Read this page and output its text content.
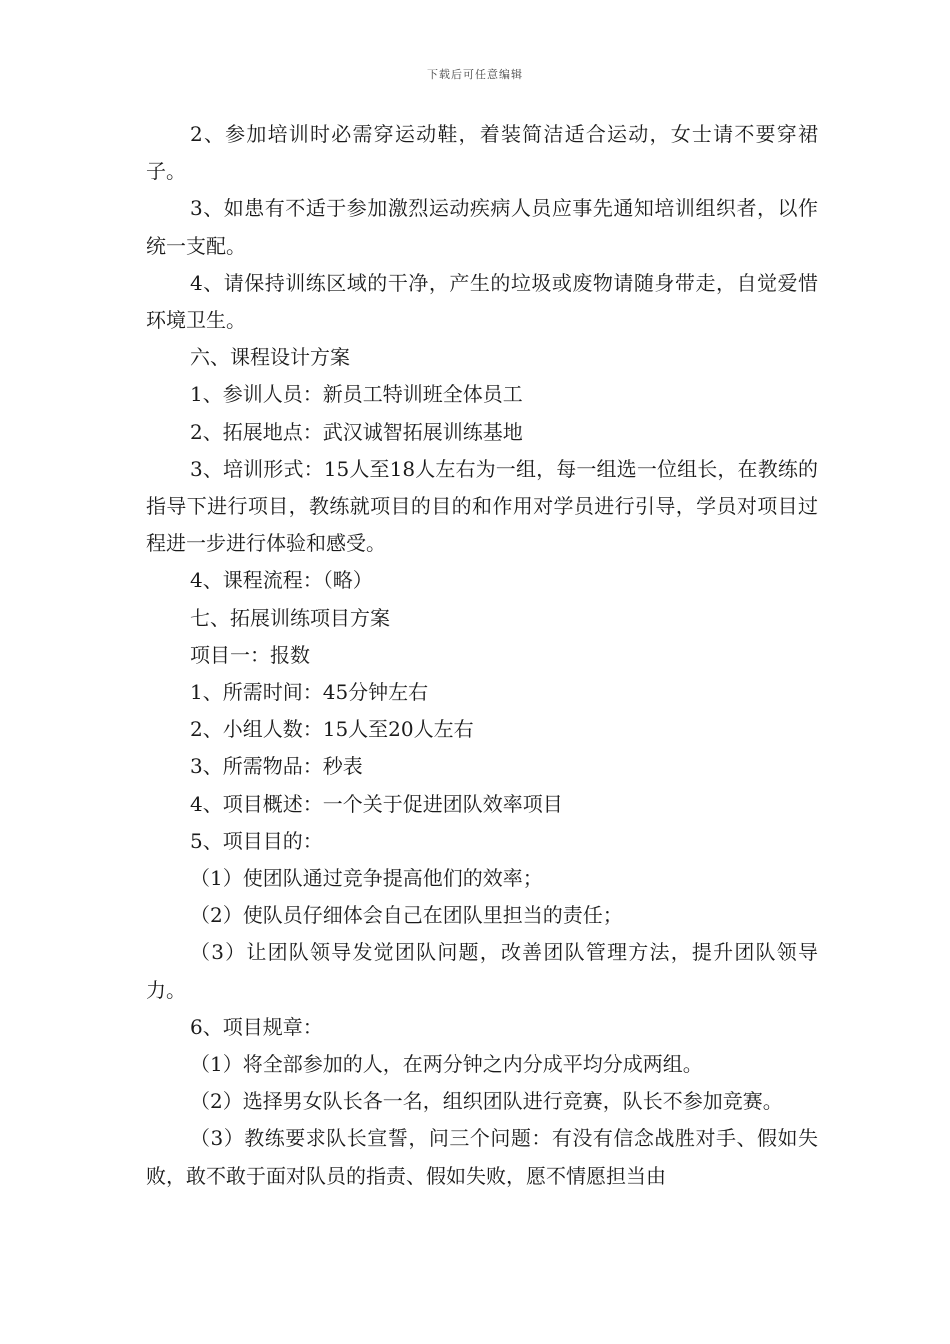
下载后可任意编辑

2、参加培训时必需穿运动鞋，着装简洁适合运动，女士请不要穿裙子。

3、如患有不适于参加激烈运动疾病人员应事先通知培训组织者，以作统一支配。

4、请保持训练区域的干净，产生的垃圾或废物请随身带走，自觉爱惜环境卫生。

六、课程设计方案

1、参训人员：新员工特训班全体员工

2、拓展地点：武汉诚智拓展训练基地

3、培训形式：15人至18人左右为一组，每一组选一位组长，在教练的指导下进行项目，教练就项目的目的和作用对学员进行引导，学员对项目过程进一步进行体验和感受。

4、课程流程：（略）

七、拓展训练项目方案

项目一：报数

1、所需时间：45分钟左右

2、小组人数：15人至20人左右

3、所需物品：秒表

4、项目概述：一个关于促进团队效率项目

5、项目目的：

（1）使团队通过竞争提高他们的效率；

（2）使队员仔细体会自己在团队里担当的责任；

（3）让团队领导发觉团队问题，改善团队管理方法，提升团队领导力。

6、项目规章：

（1）将全部参加的人，在两分钟之内分成平均分成两组。

（2）选择男女队长各一名，组织团队进行竞赛，队长不参加竞赛。

（3）教练要求队长宣誓，问三个问题：有没有信念战胜对手、假如失败，敢不敢于面对队员的指责、假如失败，愿不情愿担当由
